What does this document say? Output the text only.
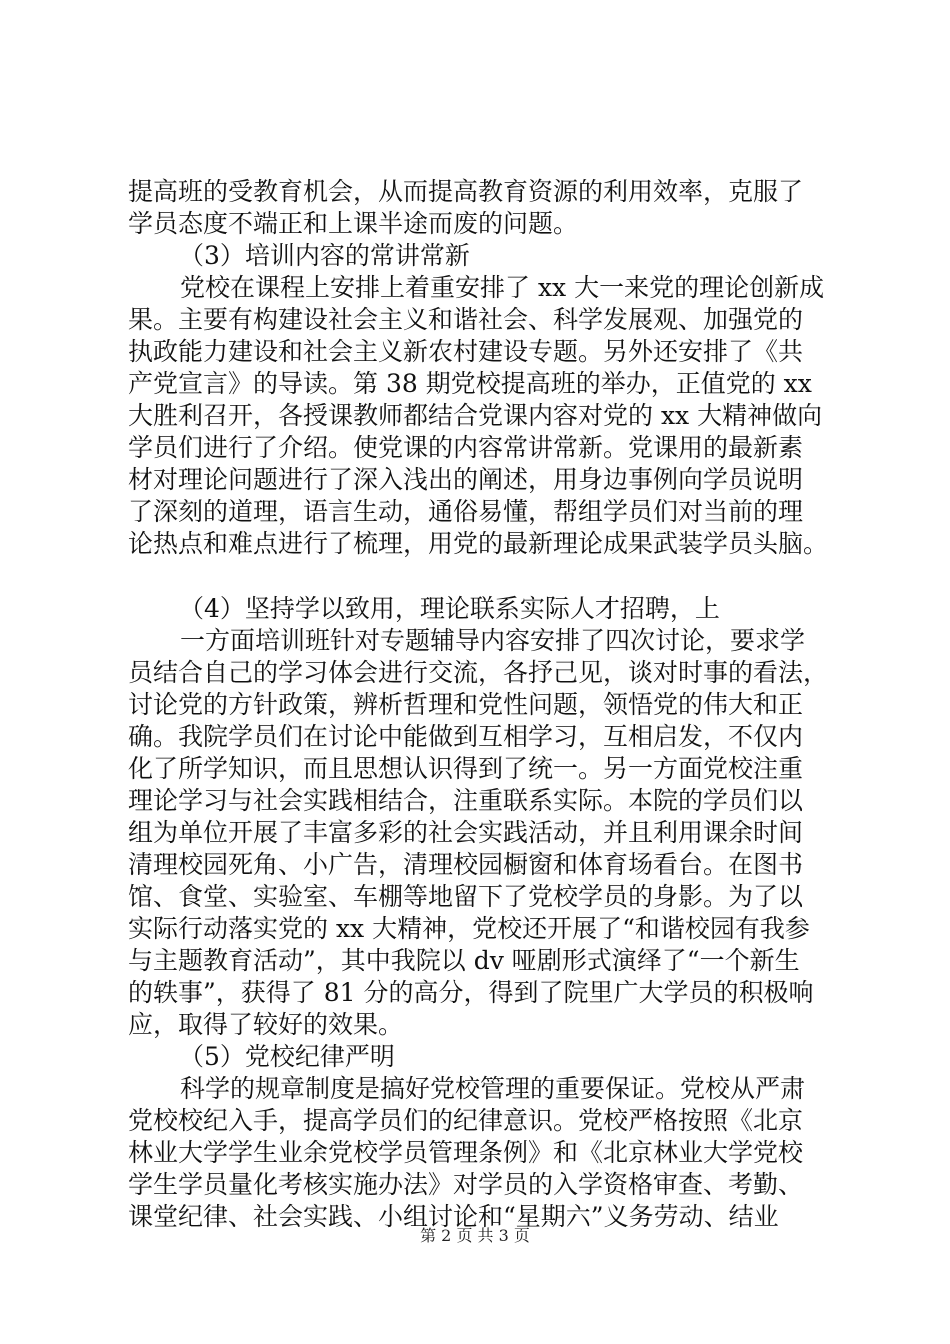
提高班的受教育机会，从而提高教育资源的利用效率，克服了
学员态度不端正和上课半途而废的问题。
（3）培训内容的常讲常新
党校在课程上安排上着重安排了 xx 大一来党的理论创新成
果。主要有构建设社会主义和谐社会、科学发展观、加强党的
执政能力建设和社会主义新农村建设专题。另外还安排了《共
产党宣言》的导读。第 38 期党校提高班的举办，正值党的 xx
大胜利召开，各授课教师都结合党课内容对党的 xx 大精神做向
学员们进行了介绍。使党课的内容常讲常新。党课用的最新素
材对理论问题进行了深入浅出的阐述，用身边事例向学员说明
了深刻的道理，语言生动，通俗易懂，帮组学员们对当前的理
论热点和难点进行了梳理，用党的最新理论成果武装学员头脑。
（4）坚持学以致用，理论联系实际人才招聘，上
一方面培训班针对专题辅导内容安排了四次讨论，要求学
员结合自己的学习体会进行交流，各抒己见，谈对时事的看法，
讨论党的方针政策，辨析哲理和党性问题，领悟党的伟大和正
确。我院学员们在讨论中能做到互相学习，互相启发，不仅内
化了所学知识，而且思想认识得到了统一。另一方面党校注重
理论学习与社会实践相结合，注重联系实际。本院的学员们以
组为单位开展了丰富多彩的社会实践活动，并且利用课余时间
清理校园死角、小广告，清理校园橱窗和体育场看台。在图书
馆、食堂、实验室、车棚等地留下了党校学员的身影。为了以
实际行动落实党的 xx 大精神，党校还开展了“和谐校园有我参
与主题教育活动”，其中我院以 dv 哑剧形式演绎了“一个新生
的轶事”，获得了 81 分的高分，得到了院里广大学员的积极响
应，取得了较好的效果。
（5）党校纪律严明
科学的规章制度是搞好党校管理的重要保证。党校从严肃
党校校纪入手，提高学员们的纪律意识。党校严格按照《北京
林业大学学生业余党校学员管理条例》和《北京林业大学党校
学生学员量化考核实施办法》对学员的入学资格审查、考勤、
课堂纪律、社会实践、小组讨论和“星期六”义务劳动、结业
第 2 页 共 3 页
